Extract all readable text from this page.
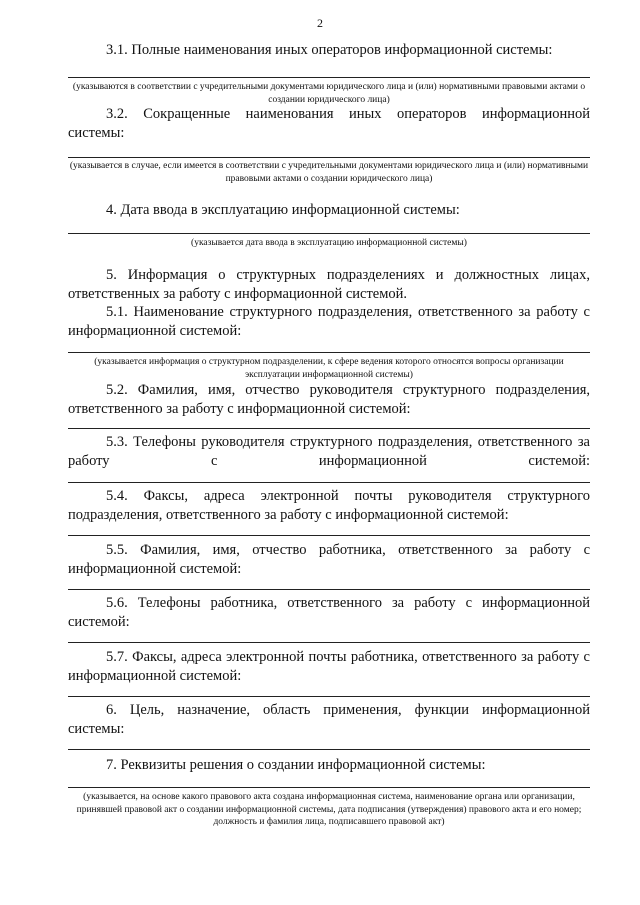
2
3.1. Полные наименования иных операторов информационной системы:
(указываются в соответствии с учредительными документами юридического лица и (или) нормативными правовыми актами о создании юридического лица)
3.2. Сокращенные наименования иных операторов информационной системы:
(указывается в случае, если имеется в соответствии с учредительными документами юридического лица и (или) нормативными правовыми актами о создании юридического лица)
4. Дата ввода в эксплуатацию информационной системы:
(указывается дата ввода в эксплуатацию информационной системы)
5. Информация о структурных подразделениях и должностных лицах, ответственных за работу с информационной системой.
5.1. Наименование структурного подразделения, ответственного за работу с информационной системой:
(указывается информация о структурном подразделении, к сфере ведения которого относятся вопросы организации эксплуатации информационной системы)
5.2. Фамилия, имя, отчество руководителя структурного подразделения, ответственного за работу с информационной системой:
5.3. Телефоны руководителя структурного подразделения, ответственного за работу с информационной системой:
5.4. Факсы, адреса электронной почты руководителя структурного подразделения, ответственного за работу с информационной системой:
5.5. Фамилия, имя, отчество работника, ответственного за работу с информационной системой:
5.6. Телефоны работника, ответственного за работу с информационной системой:
5.7. Факсы, адреса электронной почты работника, ответственного за работу с информационной системой:
6. Цель, назначение, область применения, функции информационной системы:
7. Реквизиты решения о создании информационной системы:
(указывается, на основе какого правового акта создана информационная система, наименование органа или организации, принявшей правовой акт о создании информационной системы, дата подписания (утверждения) правового акта и его номер; должность и фамилия лица, подписавшего правовой акт)
